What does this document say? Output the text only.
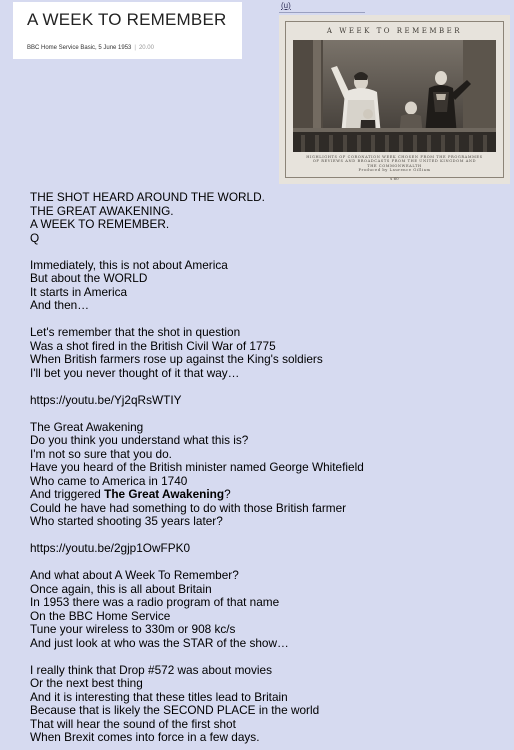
A WEEK TO REMEMBER
BBC Home Service Basic, 5 June 1953 | 20.00
(u)
A WEEK TO REMEMBER
HIGHLIGHTS OF CORONATION WEEK CHOSEN FROM THE PROGRAMMES
OF REVIEWS AND BROADCASTS FROM THE UNITED KINGDOM AND
THE COMMONWEALTH
Produced by Laurence Gilliam
s 60
THE SHOT HEARD AROUND THE WORLD.
THE GREAT AWAKENING.
A WEEK TO REMEMBER.
Q
Immediately, this is not about America
But about the WORLD
It starts in America
And then…
Let's remember that the shot in question
Was a shot fired in the British Civil War of 1775
When British farmers rose up against the King's soldiers
I'll bet you never thought of it that way…
https://youtu.be/Yj2qRsWTIY
The Great Awakening
Do you think you understand what this is?
I'm not so sure that you do.
Have you heard of the British minister named George Whitefield
Who came to America in 1740
And triggered The Great Awakening?
Could he have had something to do with those British farmer
Who started shooting 35 years later?
https://youtu.be/2gjp1OwFPK0
And what about A Week To Remember?
Once again, this is all about Britain
In 1953 there was a radio program of that name
On the BBC Home Service
Tune your wireless to 330m or 908 kc/s
And just look at who was the STAR of the show…
I really think that Drop #572 was about movies
Or the next best thing
And it is interesting that these titles lead to Britain
Because that is likely the SECOND PLACE in the world
That will hear the sound of the first shot
When Brexit comes into force in a few days.
